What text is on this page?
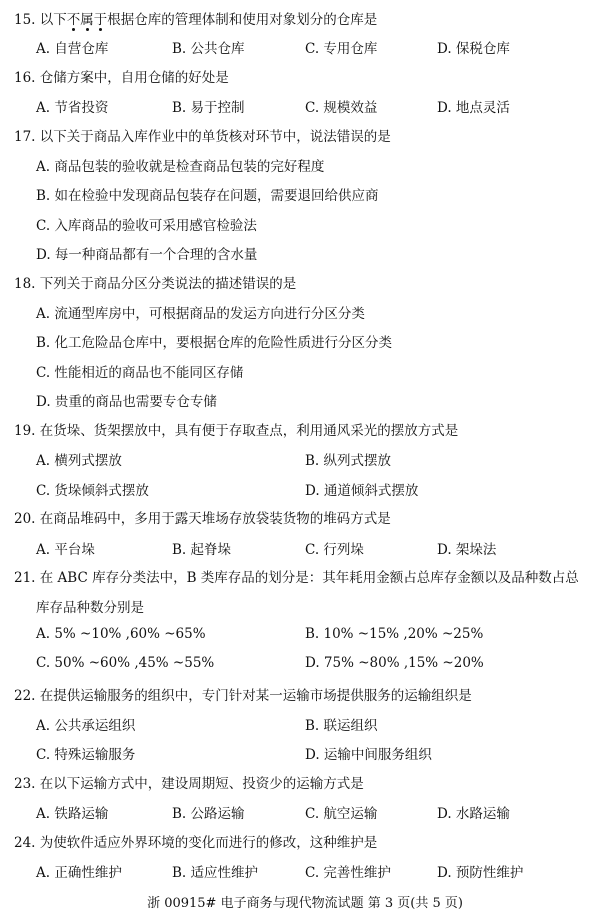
15. 以下不属于根据仓库的管理体制和使用对象划分的仓库是
A. 自营仓库	B. 公共仓库	C. 专用仓库	D. 保税仓库
16. 仓储方案中，自用仓储的好处是
A. 节省投资	B. 易于控制	C. 规模效益	D. 地点灵活
17. 以下关于商品入库作业中的单货核对环节中，说法错误的是
A. 商品包装的验收就是检查商品包装的完好程度
B. 如在检验中发现商品包装存在问题，需要退回给供应商
C. 入库商品的验收可采用感官检验法
D. 每一种商品都有一个合理的含水量
18. 下列关于商品分区分类说法的描述错误的是
A. 流通型库房中，可根据商品的发运方向进行分区分类
B. 化工危险品仓库中，要根据仓库的危险性质进行分区分类
C. 性能相近的商品也不能同区存储
D. 贵重的商品也需要专仓专储
19. 在货垛、货架摆放中，具有便于存取查点，利用通风采光的摆放方式是
A. 横列式摆放	B. 纵列式摆放
C. 货垛倾斜式摆放	D. 通道倾斜式摆放
20. 在商品堆码中，多用于露天堆场存放袋装货物的堆码方式是
A. 平台垛	B. 起脊垛	C. 行列垛	D. 架垛法
21. 在 ABC 库存分类法中，B 类库存品的划分是：其年耗用金额占总库存金额以及品种数占总
库存品种数分别是
A. 5% ~10% ,60% ~65%	B. 10% ~15% ,20% ~25%
C. 50% ~60% ,45% ~55%	D. 75% ~80% ,15% ~20%
22. 在提供运输服务的组织中，专门针对某一运输市场提供服务的运输组织是
A. 公共承运组织	B. 联运组织
C. 特殊运输服务	D. 运输中间服务组织
23. 在以下运输方式中，建设周期短、投资少的运输方式是
A. 铁路运输	B. 公路运输	C. 航空运输	D. 水路运输
24. 为使软件适应外界环境的变化而进行的修改，这种维护是
A. 正确性维护	B. 适应性维护	C. 完善性维护	D. 预防性维护
浙 00915# 电子商务与现代物流试题 第 3 页(共 5 页)
